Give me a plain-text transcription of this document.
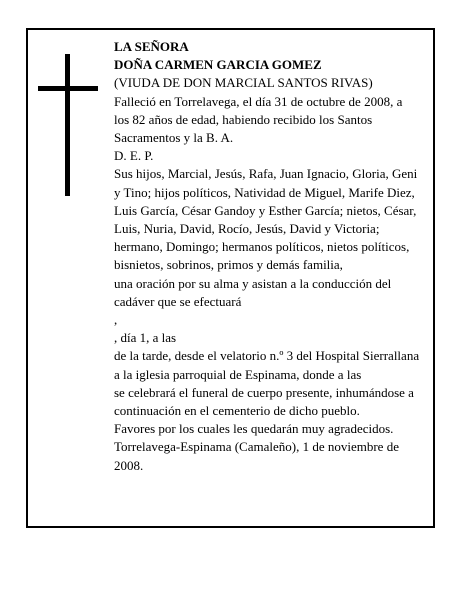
LA SEÑORA
DOÑA CARMEN GARCIA GOMEZ
(VIUDA DE DON MARCIAL SANTOS RIVAS)
Falleció en Torrelavega, el día 31 de octubre de 2008, a los 82 años de edad, habiendo recibido los Santos Sacramentos y la B. A.
D. E. P.
Sus hijos, Marcial, Jesús, Rafa, Juan Ignacio, Gloria, Geni y Tino; hijos políticos, Natividad de Miguel, Marife Diez, Luis García, César Gandoy y Esther García; nietos, César, Luis, Nuria, David, Rocío, Jesús, David y Victoria; hermano, Domingo; hermanos políticos, nietos políticos, bisnietos, sobrinos, primos y demás familia,
una oración por su alma y asistan a la conducción del cadáver que se efectuará
,
, día 1, a las
de la tarde, desde el velatorio n.º 3 del Hospital Sierrallana a la iglesia parroquial de Espinama, donde a las
se celebrará el funeral de cuerpo presente, inhumándose a continuación en el cementerio de dicho pueblo.
Favores por los cuales les quedarán muy agradecidos.
Torrelavega-Espinama (Camaleño), 1 de noviembre de 2008.
